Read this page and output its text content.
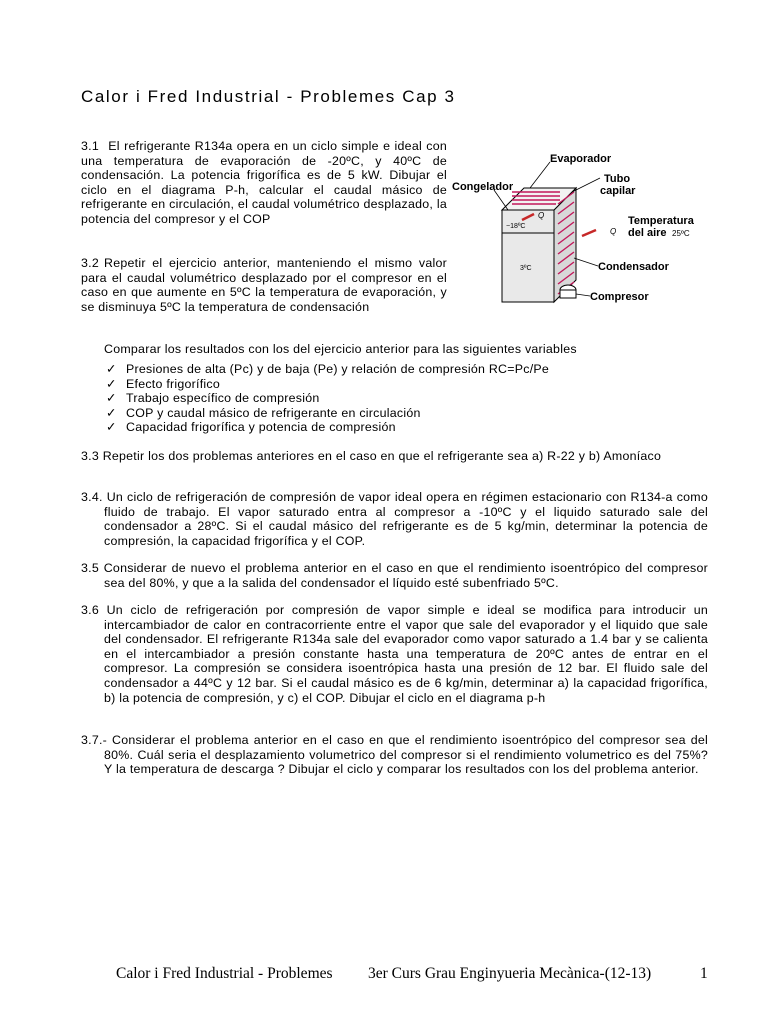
Calor i Fred Industrial - Problemes Cap 3
3.1 El refrigerante R134a opera en un ciclo simple e ideal con una temperatura de evaporación de -20ºC, y 40ºC de condensación. La potencia frigorífica es de 5 kW. Dibujar el ciclo en el diagrama P-h, calcular el caudal másico de refrigerante en circulación, el caudal volumétrico desplazado, la potencia del compresor y el COP
3.2 Repetir el ejercicio anterior, manteniendo el mismo valor para el caudal volumétrico desplazado por el compresor en el caso en que aumente en 5ºC la temperatura de evaporación, y se disminuya 5ºC la temperatura de condensación
Evaporador
Congelador
Tubo
capilar
Temperatura
del aire 25ºC
−18ºC
3ºC	Condensador
Compresor
Q
Q
Comparar los resultados con los del ejercicio anterior para las siguientes variables
✓ Presiones de alta (Pc) y de baja (Pe) y relación de compresión RC=Pc/Pe
✓ Efecto frigorífico
✓ Trabajo específico de compresión
✓ COP y caudal másico de refrigerante en circulación
✓ Capacidad frigorífica y potencia de compresión
3.3 Repetir los dos problemas anteriores en el caso en que el refrigerante sea a) R-22 y b) Amoníaco
3.4. Un ciclo de refrigeración de compresión de vapor ideal opera en régimen estacionario con R134-a como fluido de trabajo. El vapor saturado entra al compresor a -10ºC y el liquido saturado sale del condensador a 28ºC. Si el caudal másico del refrigerante es de 5 kg/min, determinar la potencia de compresión, la capacidad frigorífica y el COP.
3.5 Considerar de nuevo el problema anterior en el caso en que el rendimiento isoentrópico del compresor sea del 80%, y que a la salida del condensador el líquido esté subenfriado 5ºC.
3.6 Un ciclo de refrigeración por compresión de vapor simple e ideal se modifica para introducir un intercambiador de calor en contracorriente entre el vapor que sale del evaporador y el liquido que sale del condensador. El refrigerante R134a sale del evaporador como vapor saturado a 1.4 bar y se calienta en el intercambiador a presión constante hasta una temperatura de 20ºC antes de entrar en el compresor. La compresión se considera isoentrópica hasta una presión de 12 bar. El fluido sale del condensador a 44ºC y 12 bar. Si el caudal másico es de 6 kg/min, determinar a) la capacidad frigorífica, b) la potencia de compresión, y c) el COP. Dibujar el ciclo en el diagrama p-h
3.7.- Considerar el problema anterior en el caso en que el rendimiento isoentrópico del compresor sea del 80%. Cuál seria el desplazamiento volumetrico del compresor si el rendimiento volumetrico es del 75%? Y la temperatura de descarga ? Dibujar el ciclo y comparar los resultados con los del problema anterior.
Calor i Fred Industrial - Problemes 3er Curs Grau Enginyueria Mecànica-(12-13)	1
